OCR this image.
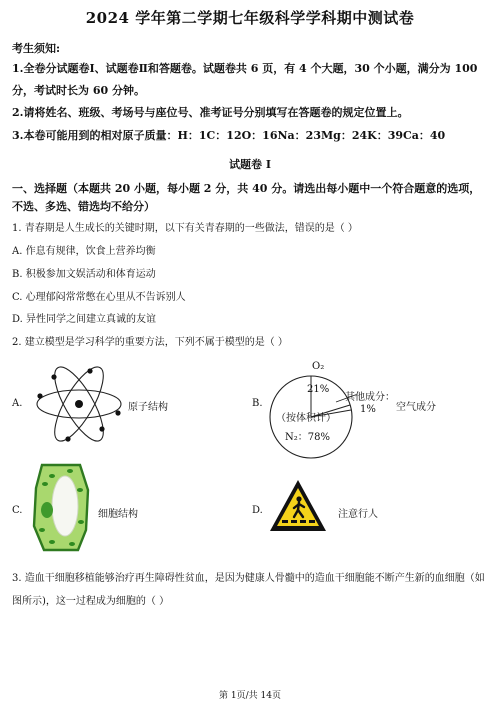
2024 学年第二学期七年级科学学科期中测试卷
考生须知:
1.全卷分试题卷Ⅰ、试题卷Ⅱ和答题卷。试题卷共 6 页，有 4 个大题，30 个小题，满分为 100
分，考试时长为 60 分钟。
2.请将姓名、班级、考场号与座位号、准考证号分别填写在答题卷的规定位置上。
3.本卷可能用到的相对原子质量：H：1C：12O：16Na：23Mg：24K：39Ca：40
试题卷 I
一、选择题（本题共 20 小题，每小题 2 分，共 40 分。请选出每小题中一个符合题意的选项，
不选、多选、错选均不给分）
1. 青春期是人生成长的关键时期，以下有关青春期的一些做法，错误的是（ ）
A. 作息有规律，饮食上营养均衡
B. 积极参加文娱活动和体育运动
C. 心理郁闷常常憋在心里从不告诉别人
D. 异性同学之间建立真诚的友谊
2. 建立模型是学习科学的重要方法，下列不属于模型的是（ ）
A.	原子结构	B.
O₂
21%
其他成分：
1%
（按体积计）
N₂：78%
空气成分
C.	细胞结构	D.	注意行人
3. 造血干细胞移植能够治疗再生障碍性贫血，是因为健康人骨髓中的造血干细胞能不断产生新的血细胞（如
图所示)，这一过程成为细胞的（ ）
第 1页/共 14页
